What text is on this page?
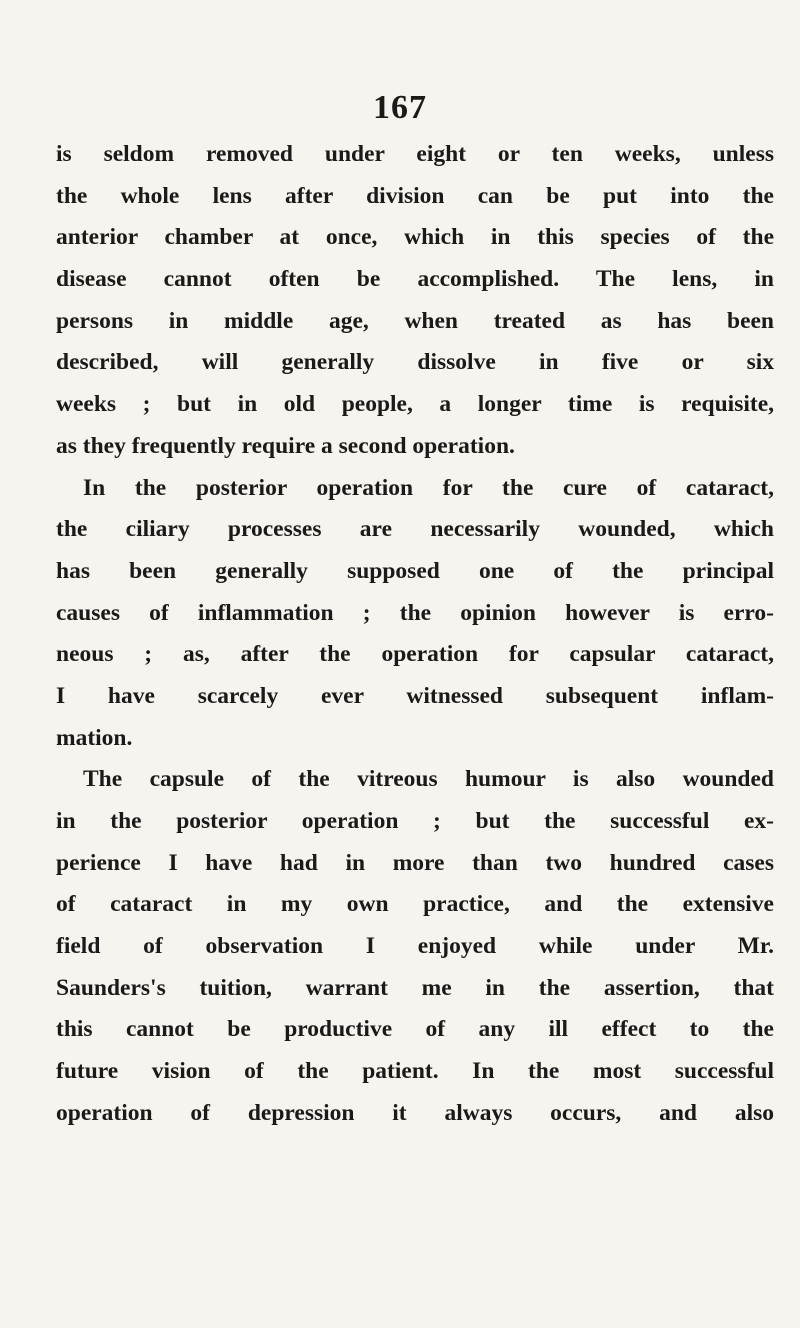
167
is seldom removed under eight or ten weeks, unless
the whole lens after division can be put into the
anterior chamber at once, which in this species of the
disease cannot often be accomplished. The lens, in
persons in middle age, when treated as has been
described, will generally dissolve in five or six
weeks ; but in old people, a longer time is requisite,
as they frequently require a second operation.
In the posterior operation for the cure of cataract,
the ciliary processes are necessarily wounded, which
has been generally supposed one of the principal
causes of inflammation ; the opinion however is erro-
neous ; as, after the operation for capsular cataract,
I have scarcely ever witnessed subsequent inflam-
mation.
The capsule of the vitreous humour is also wounded
in the posterior operation ; but the successful ex-
perience I have had in more than two hundred cases
of cataract in my own practice, and the extensive
field of observation I enjoyed while under Mr.
Saunders's tuition, warrant me in the assertion, that
this cannot be productive of any ill effect to the
future vision of the patient. In the most successful
operation of depression it always occurs, and also
